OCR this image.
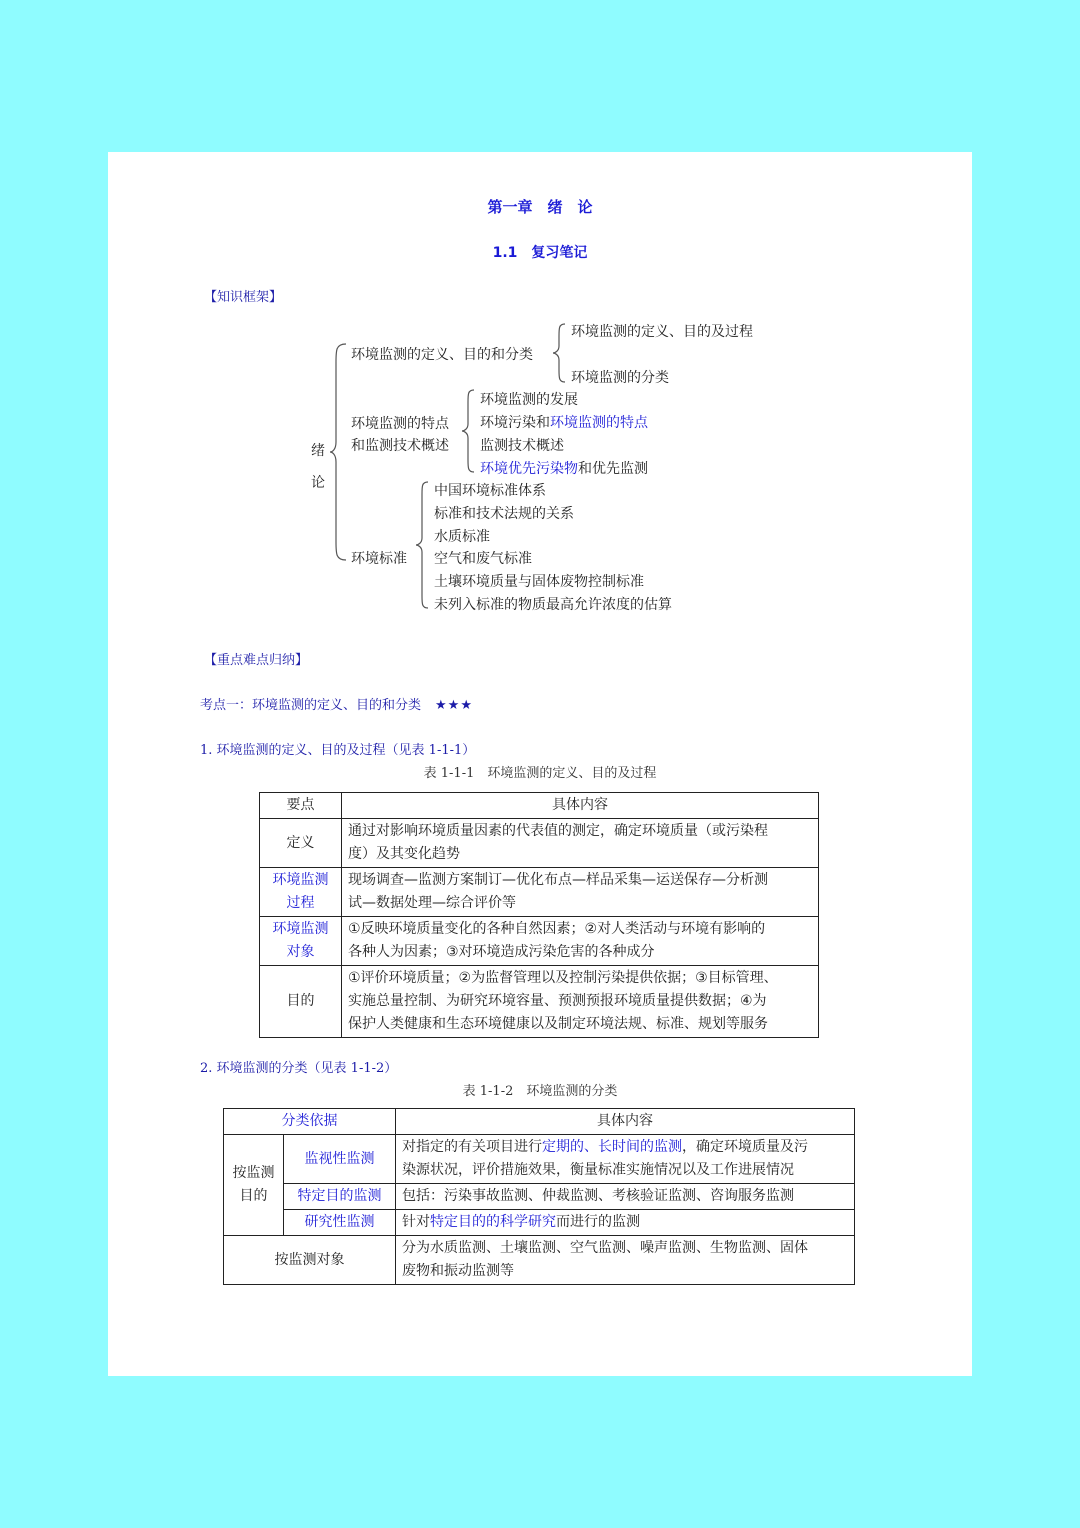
第一章　绪　论
1.1　复习笔记
【知识框架】
绪
论
环境监测的定义、目的和分类
环境监测的定义、目的及过程
环境监测的分类
环境监测的特点
和监测技术概述
环境监测的发展
环境污染和环境监测的特点
监测技术概述
环境优先污染物和优先监测
环境标准
中国环境标准体系
标准和技术法规的关系
水质标准
空气和废气标准
土壤环境质量与固体废物控制标准
未列入标准的物质最高允许浓度的估算
【重点难点归纳】
考点一：环境监测的定义、目的和分类 ★★★
1. 环境监测的定义、目的及过程（见表 1-1-1）
表 1-1-1　环境监测的定义、目的及过程
要点	具体内容
定义	通过对影响环境质量因素的代表值的测定，确定环境质量（或污染程
度）及其变化趋势
环境监测
过程	现场调查—监测方案制订—优化布点—样品采集—运送保存—分析测
试—数据处理—综合评价等
环境监测
对象	①反映环境质量变化的各种自然因素；②对人类活动与环境有影响的
各种人为因素；③对环境造成污染危害的各种成分
目的	①评价环境质量；②为监督管理以及控制污染提供依据；③目标管理、
实施总量控制、为研究环境容量、预测预报环境质量提供数据；④为
保护人类健康和生态环境健康以及制定环境法规、标准、规划等服务
2. 环境监测的分类（见表 1-1-2）
表 1-1-2　环境监测的分类
分类依据		具体内容
按监测
目的	监视性监测	对指定的有关项目进行定期的、长时间的监测，确定环境质量及污
染源状况，评价措施效果，衡量标准实施情况以及工作进展情况
	特定目的监测	包括：污染事故监测、仲裁监测、考核验证监测、咨询服务监测
	研究性监测	针对特定目的的科学研究而进行的监测
按监测对象		分为水质监测、土壤监测、空气监测、噪声监测、生物监测、固体
废物和振动监测等
